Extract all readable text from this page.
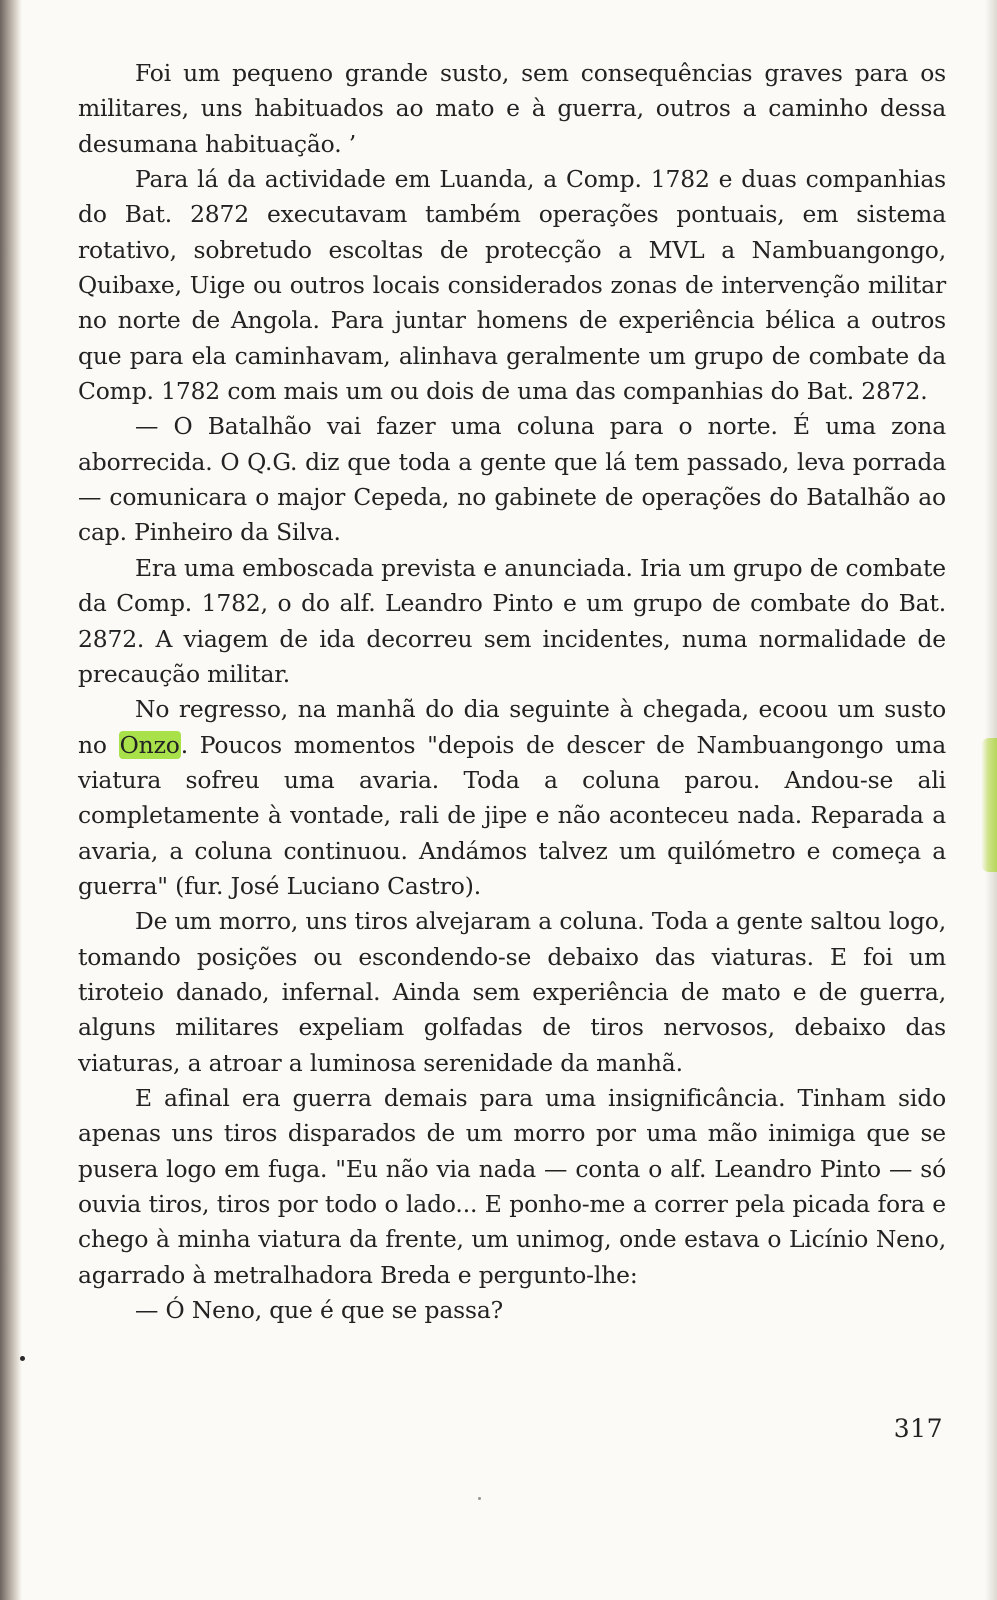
Foi um pequeno grande susto, sem consequências graves para os militares, uns habituados ao mato e à guerra, outros a caminho dessa desumana habituação. ’

Para lá da actividade em Luanda, a Comp. 1782 e duas companhias do Bat. 2872 executavam também operações pontuais, em sistema rotativo, sobretudo escoltas de protecção a MVL a Nambuangongo, Quibaxe, Uige ou outros locais considerados zonas de intervenção militar no norte de Angola. Para juntar homens de experiência bélica a outros que para ela caminhavam, alinhava geralmente um grupo de combate da Comp. 1782 com mais um ou dois de uma das companhias do Bat. 2872.

— O Batalhão vai fazer uma coluna para o norte. É uma zona aborrecida. O Q.G. diz que toda a gente que lá tem passado, leva porrada — comunicara o major Cepeda, no gabinete de operações do Batalhão ao cap. Pinheiro da Silva.

Era uma emboscada prevista e anunciada. Iria um grupo de combate da Comp. 1782, o do alf. Leandro Pinto e um grupo de combate do Bat. 2872. A viagem de ida decorreu sem incidentes, numa normalidade de precaução militar.

No regresso, na manhã do dia seguinte à chegada, ecoou um susto no Onzo. Poucos momentos "depois de descer de Nambuangongo uma viatura sofreu uma avaria. Toda a coluna parou. Andou-se ali completamente à vontade, rali de jipe e não aconteceu nada. Reparada a avaria, a coluna continuou. Andámos talvez um quilómetro e começa a guerra" (fur. José Luciano Castro).

De um morro, uns tiros alvejaram a coluna. Toda a gente saltou logo, tomando posições ou escondendo-se debaixo das viaturas. E foi um tiroteio danado, infernal. Ainda sem experiência de mato e de guerra, alguns militares expeliam golfadas de tiros nervosos, debaixo das viaturas, a atroar a luminosa serenidade da manhã.

E afinal era guerra demais para uma insignificância. Tinham sido apenas uns tiros disparados de um morro por uma mão inimiga que se pusera logo em fuga. "Eu não via nada — conta o alf. Leandro Pinto — só ouvia tiros, tiros por todo o lado... E ponho-me a correr pela picada fora e chego à minha viatura da frente, um unimog, onde estava o Licínio Neno, agarrado à metralhadora Breda e pergunto-lhe:

— Ó Neno, que é que se passa?

317
